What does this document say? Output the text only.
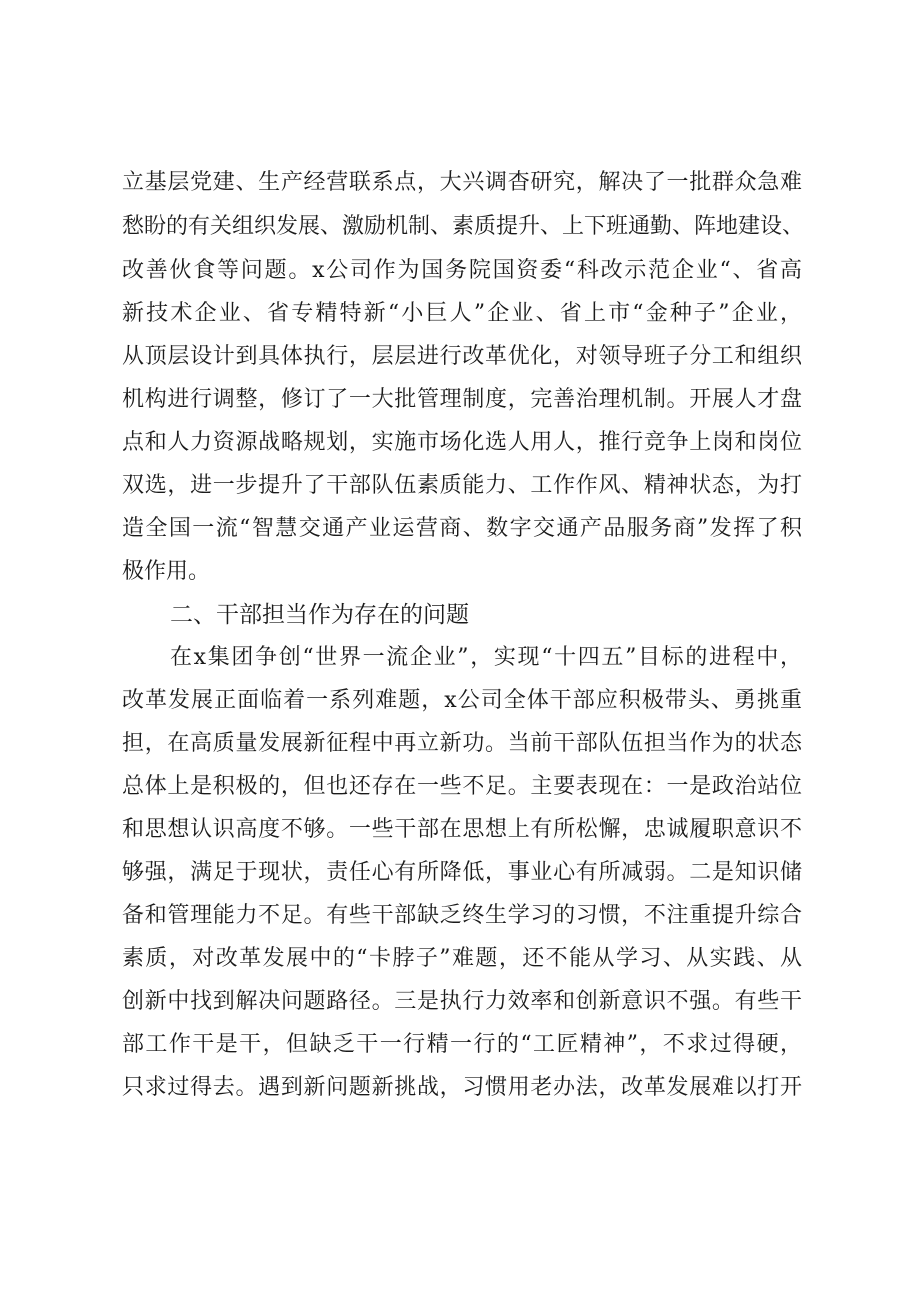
立基层党建、生产经营联系点，大兴调杳研究，解决了一批群众急难
愁盼的有关组织发展、激励机制、素质提升、上下班通勤、阵地建设、
改善伙食等问题。x公司作为国务院国资委“科改示范企业“、省高
新技术企业、省专精特新“小巨人”企业、省上市“金种子”企业，
从顶层设计到具体执行，层层进行改革优化，对领导班子分工和组织
机构进行调整，修订了一大批管理制度，完善治理机制。开展人才盘
点和人力资源战略规划，实施市场化选人用人，推行竞争上岗和岗位
双选，进一步提升了干部队伍素质能力、工作作风、精神状态，为打
造全国一流“智慧交通产业运营商、数字交通产品服务商”发挥了积
极作用。
二、干部担当作为存在的问题
在x集团争创“世界一流企业”，实现“十四五”目标的进程中，
改革发展正面临着一系列难题，x公司全体干部应积极带头、勇挑重
担，在高质量发展新征程中再立新功。当前干部队伍担当作为的状态
总体上是积极的，但也还存在一些不足。主要表现在：一是政治站位
和思想认识高度不够。一些干部在思想上有所松懈，忠诚履职意识不
够强，满足于现状，责任心有所降低，事业心有所减弱。二是知识储
备和管理能力不足。有些干部缺乏终生学习的习惯，不注重提升综合
素质，对改革发展中的“卡脖子”难题，还不能从学习、从实践、从
创新中找到解决问题路径。三是执行力效率和创新意识不强。有些干
部工作干是干，但缺乏干一行精一行的“工匠精神”，不求过得硬，
只求过得去。遇到新问题新挑战，习惯用老办法，改革发展难以打开
